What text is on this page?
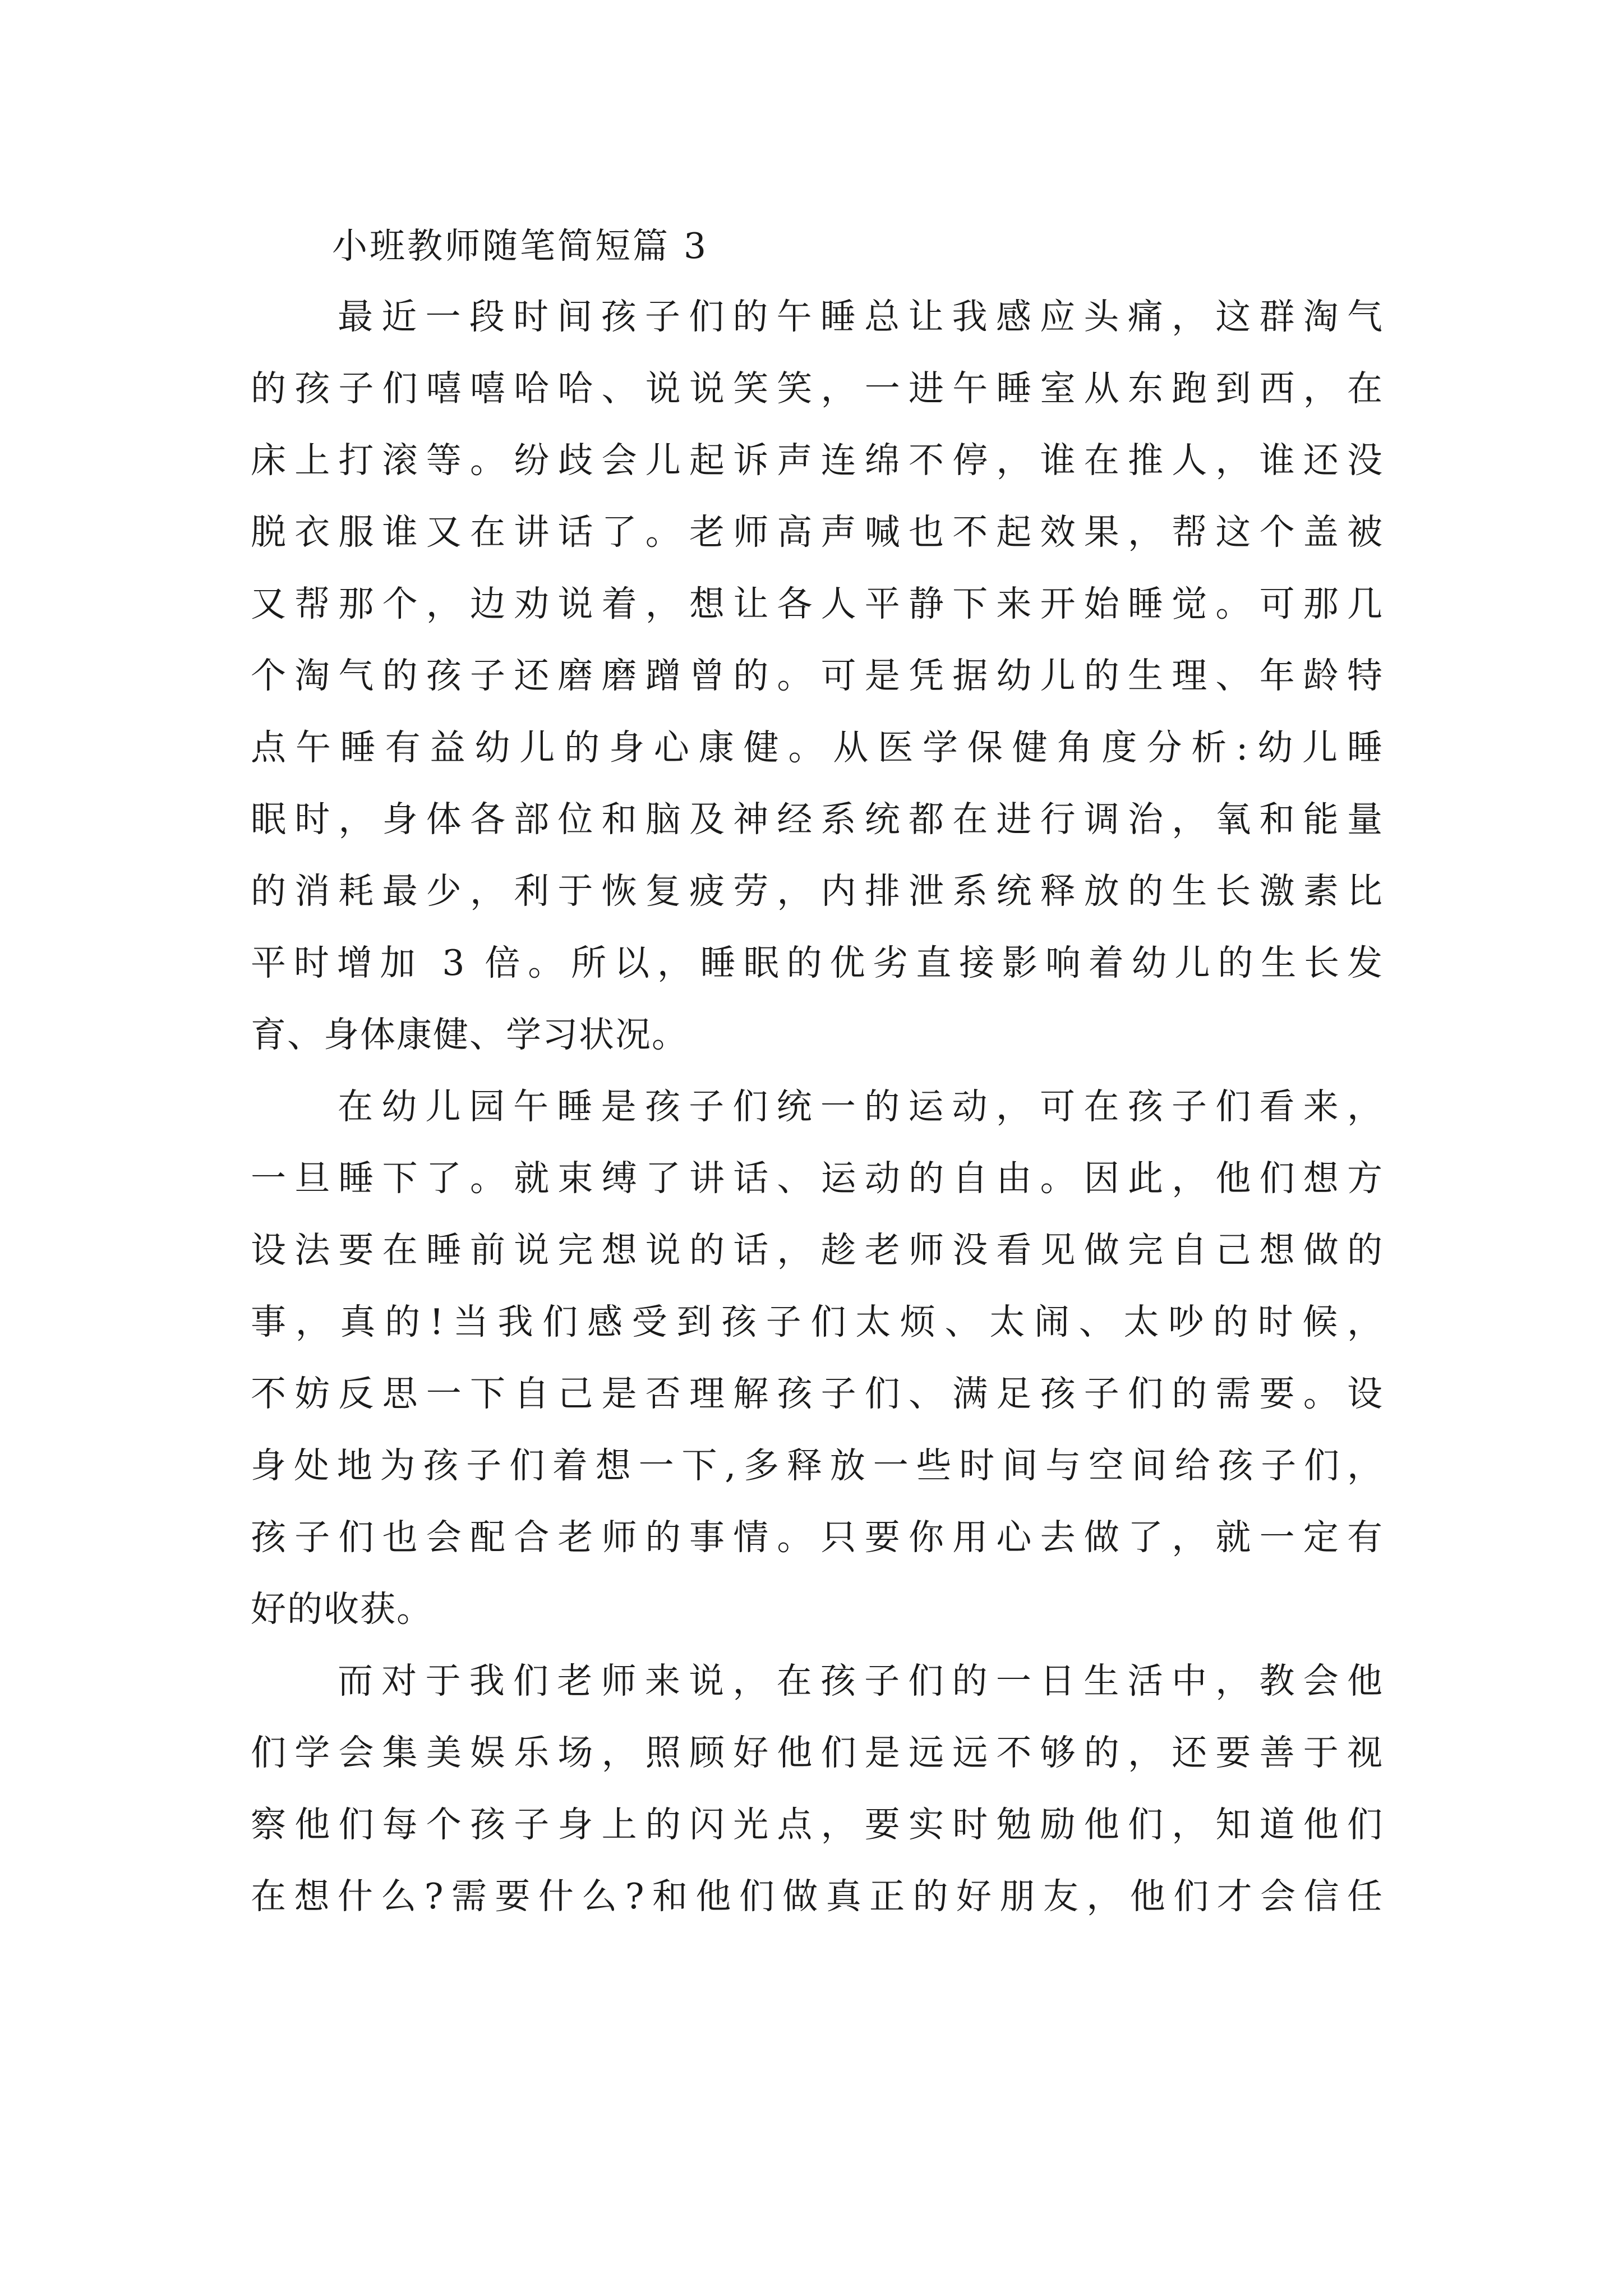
小班教师随笔简短篇 3
最近一段时间孩子们的午睡总让我感应头痛，这群淘气
的孩子们嘻嘻哈哈、说说笑笑，一进午睡室从东跑到西，在
床上打滚等。纷歧会儿起诉声连绵不停，谁在推人，谁还没
脱衣服谁又在讲话了。老师高声喊也不起效果，帮这个盖被
又帮那个，边劝说着，想让各人平静下来开始睡觉。可那几
个淘气的孩子还磨磨蹭曾的。可是凭据幼儿的生理、年龄特
点午睡有益幼儿的身心康健。从医学保健角度分析:幼儿睡
眠时，身体各部位和脑及神经系统都在进行调治，氧和能量
的消耗最少，利于恢复疲劳，内排泄系统释放的生长激素比
平时增加 3 倍。所以，睡眠的优劣直接影响着幼儿的生长发
育、身体康健、学习状况。
在幼儿园午睡是孩子们统一的运动，可在孩子们看来，
一旦睡下了。就束缚了讲话、运动的自由。因此，他们想方
设法要在睡前说完想说的话，趁老师没看见做完自己想做的
事，真的!当我们感受到孩子们太烦、太闹、太吵的时候，
不妨反思一下自己是否理解孩子们、满足孩子们的需要。设
身处地为孩子们着想一下,多释放一些时间与空间给孩子们，
孩子们也会配合老师的事情。只要你用心去做了，就一定有
好的收获。
而对于我们老师来说，在孩子们的一日生活中，教会他
们学会集美娱乐场，照顾好他们是远远不够的，还要善于视
察他们每个孩子身上的闪光点，要实时勉励他们，知道他们
在想什么?需要什么?和他们做真正的好朋友，他们才会信任
